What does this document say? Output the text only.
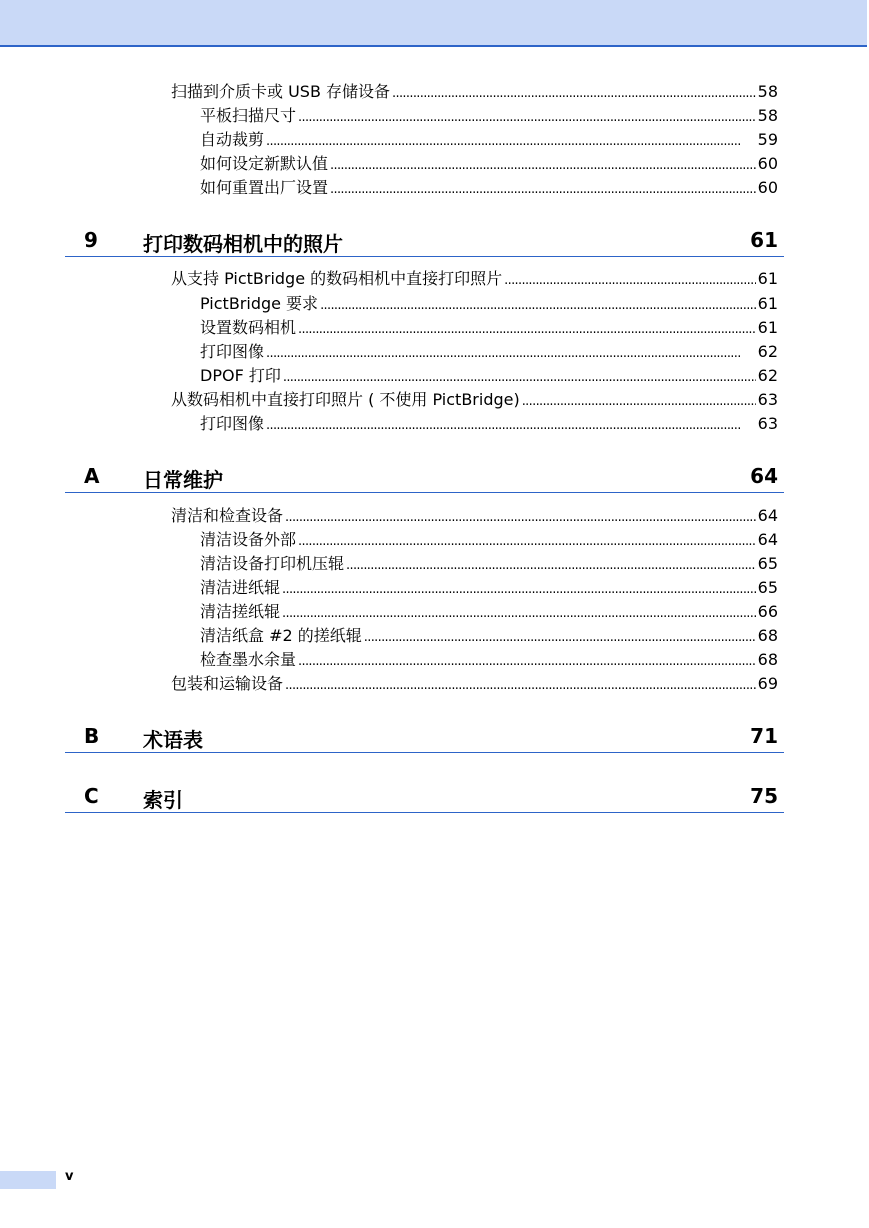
扫描到介质卡或 USB 存储设备 . . .	58
平板扫描尺寸 . . .	58
自动裁剪 . . .	59
如何设定新默认值 . . .	60
如何重置出厂设置 . . .	60
9 打印数码相机中的照片	61
从支持 PictBridge 的数码相机中直接打印照片 . . .	61
PictBridge 要求 . . .	61
设置数码相机 . . .	61
打印图像 . . .	62
DPOF 打印 . . .	62
从数码相机中直接打印照片 ( 不使用 PictBridge) . . .	63
打印图像 . . .	63
A 日常维护	64
清洁和检查设备 . . .	64
清洁设备外部 . . .	64
清洁设备打印机压辊 . . .	65
清洁进纸辊 . . .	65
清洁搓纸辊 . . .	66
清洁纸盒 #2 的搓纸辊 . . .	68
检查墨水余量 . . .	68
包装和运输设备 . . .	69
B 术语表	71
C 索引	75
v
